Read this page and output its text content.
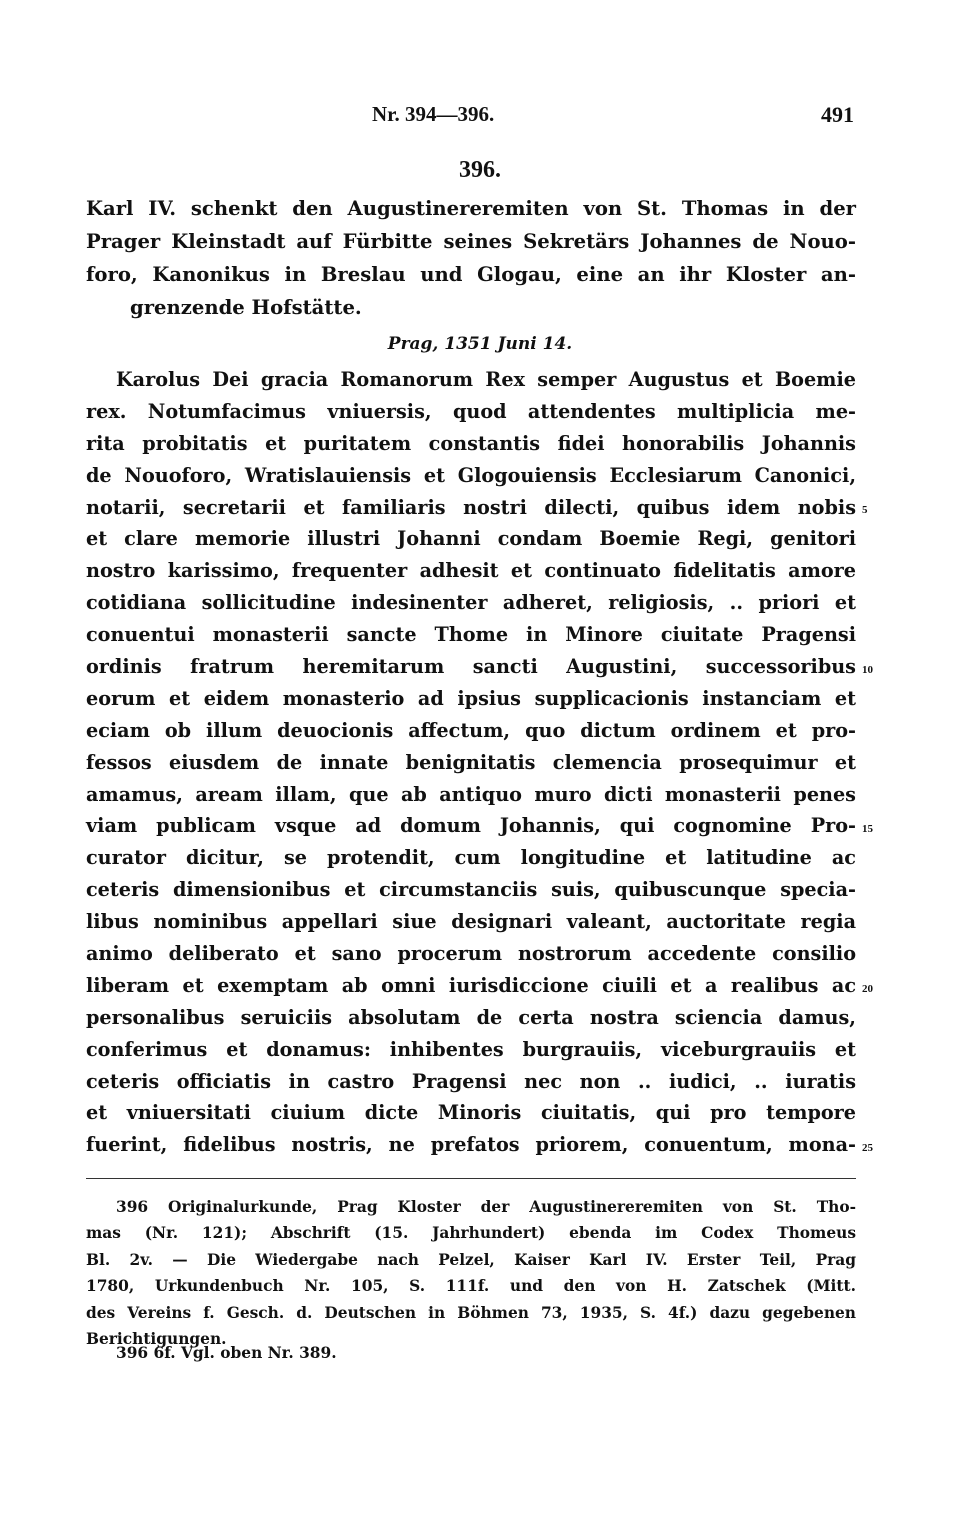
Nr. 394—396.	491
396.
Karl IV. schenkt den Augustinereremiten von St. Thomas in der
Prager Kleinstadt auf Fürbitte seines Sekretärs Johannes de Nouo-
foro, Kanonikus in Breslau und Glogau, eine an ihr Kloster an-
grenzende Hofstätte.
Prag, 1351 Juni 14.
Karolus Dei gracia Romanorum Rex semper Augustus et Boemie
rex. Notumfacimus vniuersis, quod attendentes multiplicia me-
rita probitatis et puritatem constantis fidei honorabilis Johannis
de Nouoforo, Wratislauiensis et Glogouiensis Ecclesiarum Canonici,
notarii, secretarii et familiaris nostri dilecti, quibus idem nobis
et clare memorie illustri Johanni condam Boemie Regi, genitori
nostro karissimo, frequenter adhesit et continuato fidelitatis amore
cotidiana sollicitudine indesinenter adheret, religiosis, .. priori et
conuentui monasterii sancte Thome in Minore ciuitate Pragensi
ordinis fratrum heremitarum sancti Augustini, successoribus
eorum et eidem monasterio ad ipsius supplicacionis instanciam et
eciam ob illum deuocionis affectum, quo dictum ordinem et pro-
fessos eiusdem de innate benignitatis clemencia prosequimur et
amamus, aream illam, que ab antiquo muro dicti monasterii penes
viam publicam vsque ad domum Johannis, qui cognomine Pro-
curator dicitur, se protendit, cum longitudine et latitudine ac
ceteris dimensionibus et circumstanciis suis, quibuscunque specia-
libus nominibus appellari siue designari valeant, auctoritate regia
animo deliberato et sano procerum nostrorum accedente consilio
liberam et exemptam ab omni iurisdiccione ciuili et a realibus ac
personalibus seruiciis absolutam de certa nostra sciencia damus,
conferimus et donamus: inhibentes burgrauiis, viceburgrauiis et
ceteris officiatis in castro Pragensi nec non .. iudici, .. iuratis
et vniuersitati ciuium dicte Minoris ciuitatis, qui pro tempore
fuerint, fidelibus nostris, ne prefatos priorem, conuentum, mona-
5
10
15
20
25
396 Originalurkunde, Prag Kloster der Augustinereremiten von St. Tho-
mas (Nr. 121); Abschrift (15. Jahrhundert) ebenda im Codex Thomeus
Bl. 2v. — Die Wiedergabe nach Pelzel, Kaiser Karl IV. Erster Teil, Prag
1780, Urkundenbuch Nr. 105, S. 111f. und den von H. Zatschek (Mitt.
des Vereins f. Gesch. d. Deutschen in Böhmen 73, 1935, S. 4f.) dazu gegebenen
Berichtigungen.
396 6f. Vgl. oben Nr. 389.
